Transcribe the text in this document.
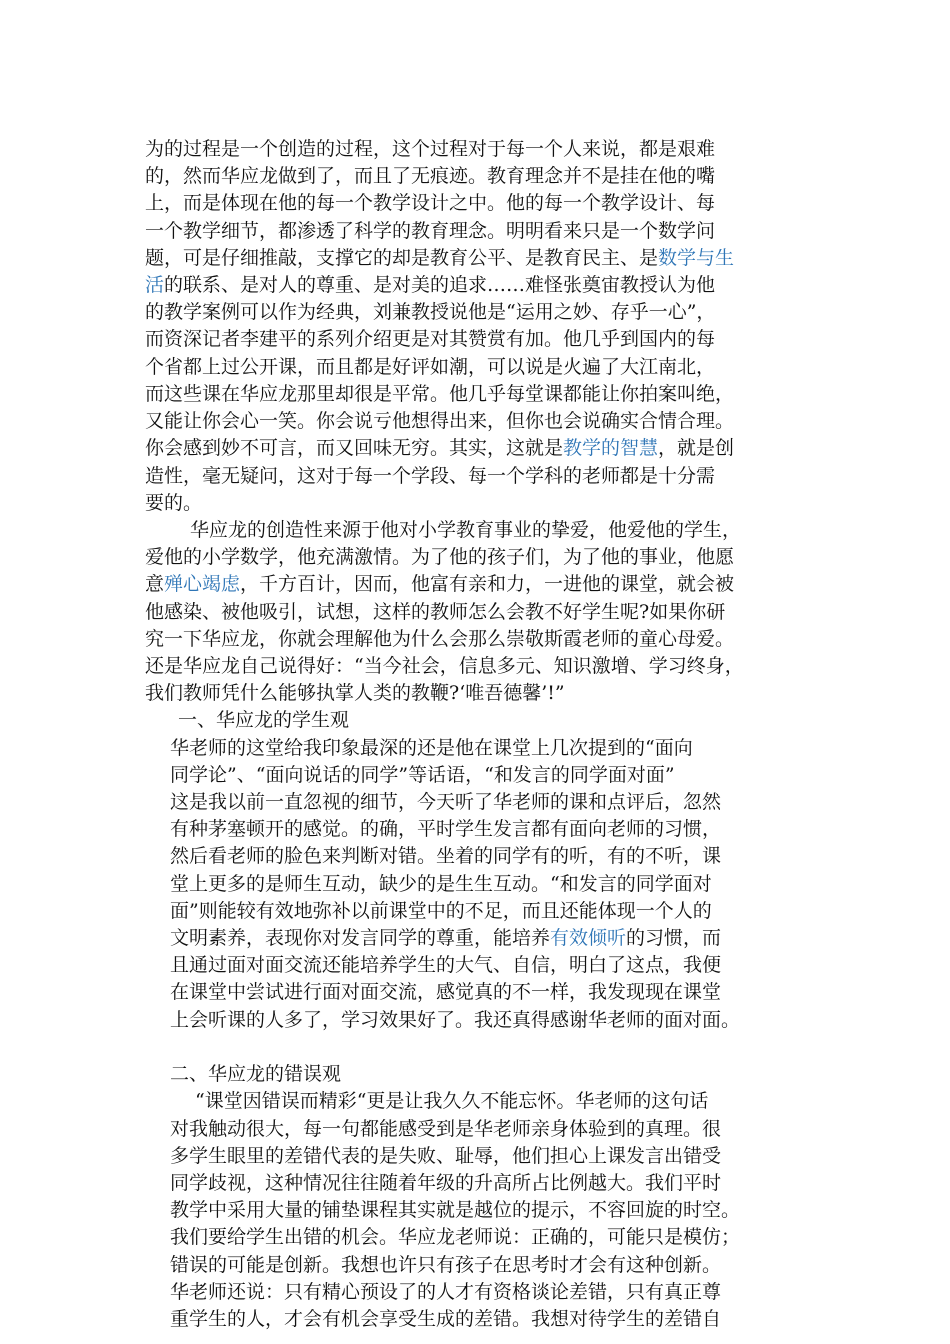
为的过程是一个创造的过程，这个过程对于每一个人来说，都是艰难
的，然而华应龙做到了，而且了无痕迹。教育理念并不是挂在他的嘴
上，而是体现在他的每一个教学设计之中。他的每一个教学设计、每
一个教学细节，都渗透了科学的教育理念。明明看来只是一个数学问
题，可是仔细推敲，支撑它的却是教育公平、是教育民主、是数学与生
活的联系、是对人的尊重、是对美的追求……难怪张奠宙教授认为他
的教学案例可以作为经典，刘兼教授说他是“运用之妙、存乎一心”，
而资深记者李建平的系列介绍更是对其赞赏有加。他几乎到国内的每
个省都上过公开课，而且都是好评如潮，可以说是火遍了大江南北，
而这些课在华应龙那里却很是平常。他几乎每堂课都能让你拍案叫绝，
又能让你会心一笑。你会说亏他想得出来，但你也会说确实合情合理。
你会感到妙不可言，而又回味无穷。其实，这就是教学的智慧，就是创
造性，毫无疑问，这对于每一个学段、每一个学科的老师都是十分需
要的。
华应龙的创造性来源于他对小学教育事业的挚爱，他爱他的学生，
爱他的小学数学，他充满激情。为了他的孩子们，为了他的事业，他愿
意殚心竭虑，千方百计，因而，他富有亲和力，一进他的课堂，就会被
他感染、被他吸引，试想，这样的教师怎么会教不好学生呢?如果你研
究一下华应龙，你就会理解他为什么会那么崇敬斯霞老师的童心母爱。
还是华应龙自己说得好：“当今社会，信息多元、知识激增、学习终身，
我们教师凭什么能够执掌人类的教鞭?‘唯吾德馨’!”
一、华应龙的学生观
华老师的这堂给我印象最深的还是他在课堂上几次提到的“面向
同学论”、“面向说话的同学”等话语，“和发言的同学面对面”
这是我以前一直忽视的细节，今天听了华老师的课和点评后，忽然
有种茅塞顿开的感觉。的确，平时学生发言都有面向老师的习惯，
然后看老师的脸色来判断对错。坐着的同学有的听，有的不听，课
堂上更多的是师生互动，缺少的是生生互动。“和发言的同学面对
面”则能较有效地弥补以前课堂中的不足，而且还能体现一个人的
文明素养，表现你对发言同学的尊重，能培养有效倾听的习惯，而
且通过面对面交流还能培养学生的大气、自信，明白了这点，我便
在课堂中尝试进行面对面交流，感觉真的不一样，我发现现在课堂
上会听课的人多了，学习效果好了。我还真得感谢华老师的面对面。
二、华应龙的错误观
“课堂因错误而精彩“更是让我久久不能忘怀。华老师的这句话
对我触动很大，每一句都能感受到是华老师亲身体验到的真理。很
多学生眼里的差错代表的是失败、耻辱，他们担心上课发言出错受
同学歧视，这种情况往往随着年级的升高所占比例越大。我们平时
教学中采用大量的铺垫课程其实就是越位的提示，不容回旋的时空。
我们要给学生出错的机会。华应龙老师说：正确的，可能只是模仿；
错误的可能是创新。我想也许只有孩子在思考时才会有这种创新。
华老师还说：只有精心预设了的人才有资格谈论差错，只有真正尊
重学生的人，才会有机会享受生成的差错。我想对待学生的差错自
